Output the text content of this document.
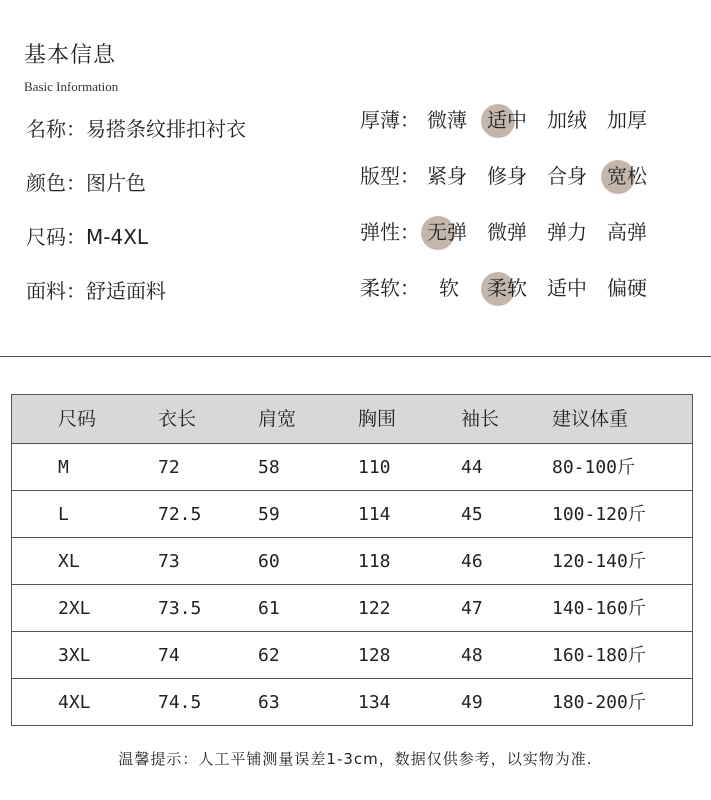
基本信息
Basic Information
名称：易搭条纹排扣衬衣
颜色：图片色
尺码：M-4XL
面料：舒适面料
厚薄： 微薄 适中 加绒 加厚
版型： 紧身 修身 合身 宽松
弹性： 无弹 微弹 弹力 高弹
柔软： 软 柔软 适中 偏硬
尺码	衣长	肩宽	胸围	袖长	建议体重
M	72	58	110	44	80-100斤
L	72.5	59	114	45	100-120斤
XL	73	60	118	46	120-140斤
2XL	73.5	61	122	47	140-160斤
3XL	74	62	128	48	160-180斤
4XL	74.5	63	134	49	180-200斤
温馨提示：人工平铺测量误差1-3cm，数据仅供参考，以实物为准.
